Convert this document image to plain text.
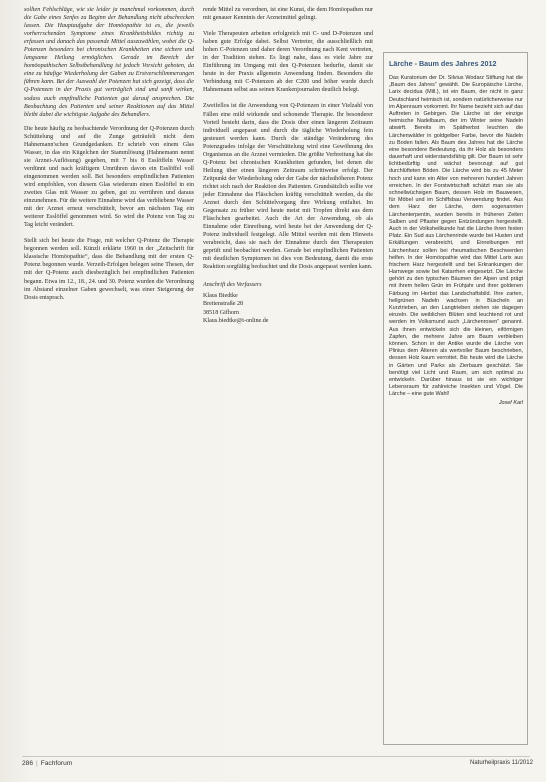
sollten Fehlschläge, wie sie leider ja manchmal vorkommen, durch die Gabe eines Senfes zu Beginn der Behandlung nicht abschrecken lassen. Die Hauptaufgabe der Homöopathie ist es, die jeweils vorherrschenden Symptome eines Krankheitsbildes richtig zu erfassen und danach das passende Mittel auszuwählen, wobei die Q-Potenzen besonders bei chronischen Krankheiten eine sichere und langsame Heilung ermöglichen. Gerade im Bereich der homöopathischen Selbstbehandlung ist jedoch Vorsicht geboten, da eine zu häufige Wiederholung der Gaben zu Erstverschlimmerungen führen kann. Bei der Auswahl der Potenzen hat sich gezeigt, dass die Q-Potenzen in der Praxis gut verträglich sind und sanft wirken, sodass auch empfindliche Patienten gut darauf ansprechen. Die Beobachtung des Patienten und seiner Reaktionen auf das Mittel bleibt dabei die wichtigste Aufgabe des Behandlers.

Die heute häufig zu beobachtende Verordnung der Q-Potenzen durch Schüttelung und auf die Zunge geträufelt nicht dem Hahnemann'schen Grundgedanken. Er schrieb von einem Glas Wasser, in das ein Kügelchen der Stammlösung (Hahnemann nennt sie Arznei-Auflösung) gegeben, mit 7 bis 8 Esslöffeln Wasser verdünnt und nach kräftigem Umrühren davon ein Esslöffel voll eingenommen werden soll. Bei besonders empfindlichen Patienten wird empfohlen, von diesem Glas wiederum einen Esslöffel in ein zweites Glas mit Wasser zu geben, gut zu verrühren und daraus einzunehmen. Für die weitere Einnahme wird das verbliebene Wasser mit der Arznei erneut verschüttelt, bevor am nächsten Tag ein weiterer Esslöffel genommen wird. So wird die Potenz von Tag zu Tag leicht verändert.

Stellt sich bei heute die Frage, mit welcher Q-Potenz die Therapie begonnen werden soll. Künzli erklärte 1960 in der „Zeitschrift für klassische Homöopathie“, dass die Behandlung mit der ersten Q-Potenz begonnen wurde. Verzeih-Erfolgen belegen seine Thesen, der mit der Q-Potenz auch diesbezüglich bei empfindlichen Patienten begann. Etwa im 12., 18., 24. und 30. Potenz wurden die Verordnung im Abstand einzelner Gaben gewechselt, was einer Steigerung der Dosis entsprach.

rende Mittel zu verordnen, ist eine Kunst, die dem Homöopathen nur mit genauer Kenntnis der Arzneimittel gelingt.

Viele Therapeuten arbeiten erfolgreich mit C- und D-Potenzen und haben gute Erfolge dabei. Selbst Vertreter, die ausschließlich mit hohen C-Potenzen und daher deren Verordnung nach Kent vertreten, in der Tradition stehen. Es liegt nahe, dass es viele Jahre zur Einführung im Umgang mit den Q-Potenzen bedurfte, damit sie heute in der Praxis allgemein Anwendung finden. Besonders die Verbindung mit C-Potenzen ab der C200 und höher wurde durch Hahnemann selbst aus seinen Krankenjournalen deutlich belegt.

Zweifellos ist die Anwendung von Q-Potenzen in einer Vielzahl von Fällen eine mild wirkende und schonende Therapie. Ihr besonderer Vorteil besteht darin, dass die Dosis über einen längeren Zeitraum individuell angepasst und durch die tägliche Wiederholung fein gesteuert werden kann. Durch die ständige Veränderung des Potenzgrades infolge der Verschüttelung wird eine Gewöhnung des Organismus an die Arznei vermieden. Die größte Verbreitung hat die Q-Potenz bei chronischen Krankheiten gefunden, bei denen die Heilung über einen längeren Zeitraum schrittweise erfolgt. Der Zeitpunkt der Wiederholung oder der Gabe der nächsthöheren Potenz richtet sich nach der Reaktion des Patienten. Grundsätzlich sollte vor jeder Einnahme das Fläschchen kräftig verschüttelt werden, da die Arznei durch den Schüttelvorgang ihre Wirkung entfaltet. Im Gegensatz zu früher wird heute meist mit Tropfen direkt aus dem Fläschchen gearbeitet. Auch die Art der Anwendung, ob als Einnahme oder Einreibung, wird heute bei der Anwendung der Q-Potenz individuell festgelegt. Alle Mittel werden mit dem Hinweis verabreicht, dass sie nach der Einnahme durch den Therapeuten geprüft und beobachtet werden. Gerade bei empfindlichen Patienten mit deutlichen Symptomen ist dies von Bedeutung, damit die erste Reaktion sorgfältig beobachtet und die Dosis angepasst werden kann.

Anschrift des Verfassers
Klaus Biedtke
Breitenstraße 28
38518 Gifhorn
Klaus.biedtke@t-online.de
Lärche - Baum des Jahres 2012
Das Kuratorium der Dr. Silvius Wodarz Stiftung hat die „Baum des Jahres“ gewählt. Die Europäische Lärche, Larix decidua (Mill.), ist ein Baum, der nicht in ganz Deutschland heimisch ist, sondern natürlicherweise nur im Alpenraum vorkommt. Ihr Name bezieht sich auf das Auftreten in Gebirgen. Die Lärche ist der einzige heimische Nadelbaum, der im Winter seine Nadeln abwirft. Bereits im Spätherbst leuchten die Lärchenwälder in goldgelber Farbe, bevor die Nadeln zu Boden fallen. Als Baum des Jahres hat die Lärche eine besondere Bedeutung, da ihr Holz als besonders dauerhaft und widerstandsfähig gilt. Der Baum ist sehr lichtbedürftig und wächst bevorzugt auf gut durchlüfteten Böden. Die Lärche wird bis zu 45 Meter hoch und kann ein Alter von mehreren hundert Jahren erreichen. In der Forstwirtschaft schätzt man sie als schnellwüchsigen Baum, dessen Holz im Bauwesen, für Möbel und im Schiffsbau Verwendung findet. Aus dem Harz der Lärche, dem sogenannten Lärchenterpentin, wurden bereits in früheren Zeiten Salben und Pflaster gegen Entzündungen hergestellt. Auch in der Volksheilkunde hat die Lärche ihren festen Platz. Ein Sud aus Lärchenrinde wurde bei Husten und Erkältungen verabreicht, und Einreibungen mit Lärchenharz sollen bei rheumatischen Beschwerden helfen. In der Homöopathie wird das Mittel Larix aus frischem Harz hergestellt und bei Erkrankungen der Harnwege sowie bei Katarrhen eingesetzt. Die Lärche gehört zu den typischen Bäumen der Alpen und prägt mit ihrem hellen Grün im Frühjahr und ihrer goldenen Färbung im Herbst das Landschaftsbild. Ihre zarten, hellgrünen Nadeln wachsen in Büscheln an Kurztrieben, an den Langtrieben stehen sie dagegen einzeln. Die weiblichen Blüten sind leuchtend rot und werden im Volksmund auch „Lärchenrosen“ genannt. Aus ihnen entwickeln sich die kleinen, eiförmigen Zapfen, die mehrere Jahre am Baum verbleiben können. Schon in der Antike wurde die Lärche von Plinius dem Älteren als wertvoller Baum beschrieben, dessen Holz kaum verrottet. Bis heute wird die Lärche in Gärten und Parks als Zierbaum geschätzt. Sie benötigt viel Licht und Raum, um sich optimal zu entwickeln. Darüber hinaus ist sie ein wichtiger Lebensraum für zahlreiche Insekten und Vögel. Die Lärche – eine gute Wahl!
Josef Karl
286 | Fachforum	Naturheilpraxis 11/2012
